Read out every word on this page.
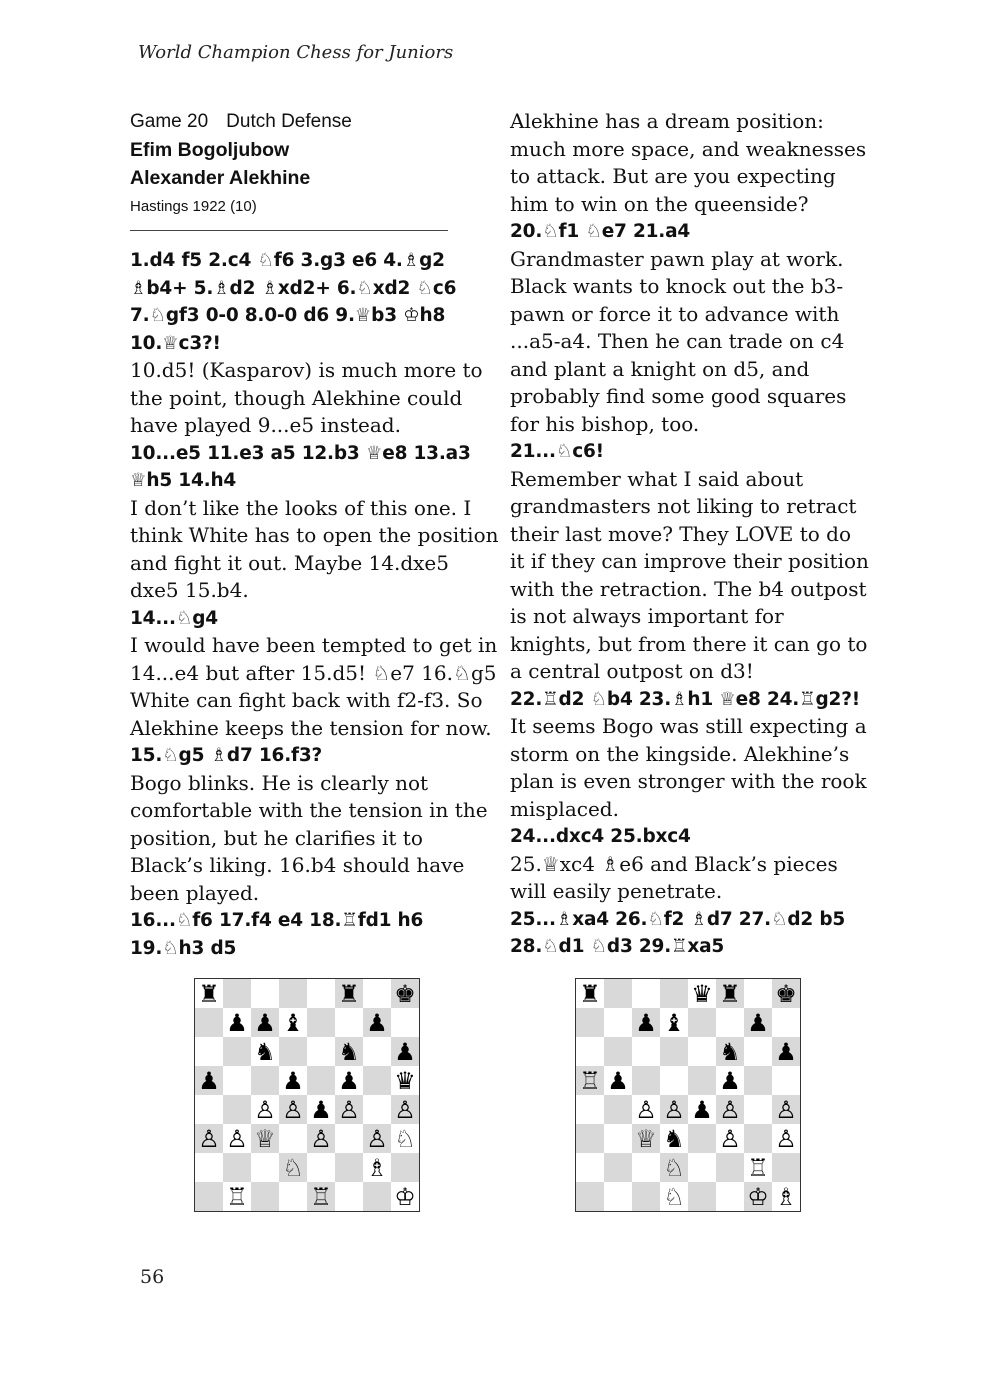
World Champion Chess for Juniors
Game 20 Dutch Defense
Efim Bogoljubow
Alexander Alekhine
Hastings 1922 (10)

1.d4 f5 2.c4 ♘f6 3.g3 e6 4.♗g2 ♗b4+ 5.♗d2 ♗xd2+ 6.♘xd2 ♘c6 7.♘gf3 0-0 8.0-0 d6 9.♕b3 ♔h8 10.♕c3?!

10.d5! (Kasparov) is much more to the point, though Alekhine could have played 9...e5 instead.

10...e5 11.e3 a5 12.b3 ♕e8 13.a3 ♕h5 14.h4

I don’t like the looks of this one. I think White has to open the position and fight it out. Maybe 14.dxe5 dxe5 15.b4.

14...♘g4

I would have been tempted to get in 14...e4 but after 15.d5! ♘e7 16.♘g5 White can fight back with f2-f3. So Alekhine keeps the tension for now.

15.♘g5 ♗d7 16.f3?

Bogo blinks. He is clearly not comfortable with the tension in the position, but he clarifies it to Black’s liking. 16.b4 should have been played.

16...♘f6 17.f4 e4 18.♖fd1 h6 19.♘h3 d5

Alekhine has a dream position: much more space, and weaknesses to attack. But are you expecting him to win on the queenside?

20.♘f1 ♘e7 21.a4

Grandmaster pawn play at work. Black wants to knock out the b3-pawn or force it to advance with ...a5-a4. Then he can trade on c4 and plant a knight on d5, and probably find some good squares for his bishop, too.

21...♘c6!

Remember what I said about grandmasters not liking to retract their last move? They LOVE to do it if they can improve their position with the retraction. The b4 outpost is not always important for knights, but from there it can go to a central outpost on d3!

22.♖d2 ♘b4 23.♗h1 ♕e8 24.♖g2?!

It seems Bogo was still expecting a storm on the kingside. Alekhine’s plan is even stronger with the rook misplaced.

24...dxc4 25.bxc4

25.♕xc4 ♗e6 and Black’s pieces will easily penetrate.

25...♗xa4 26.♘f2 ♗d7 27.♘d2 b5 28.♘d1 ♘d3 29.♖xa5

♜	♜ ♚
♟ ♟ ♝	♟
♞	♞ ♟
♟	♟ ♟ ♛
♙ ♙ ♟ ♙ ♙
♙ ♙ ♕ ♙ ♙ ♘
♘	♗
♖	♖	♔
♜	♛ ♜ ♚
♟ ♝	♟
♞ ♟
♖ ♟	♟
♙ ♙ ♟ ♙ ♙
♕ ♞ ♙ ♙
♘	♖
♘	♔ ♗
56
